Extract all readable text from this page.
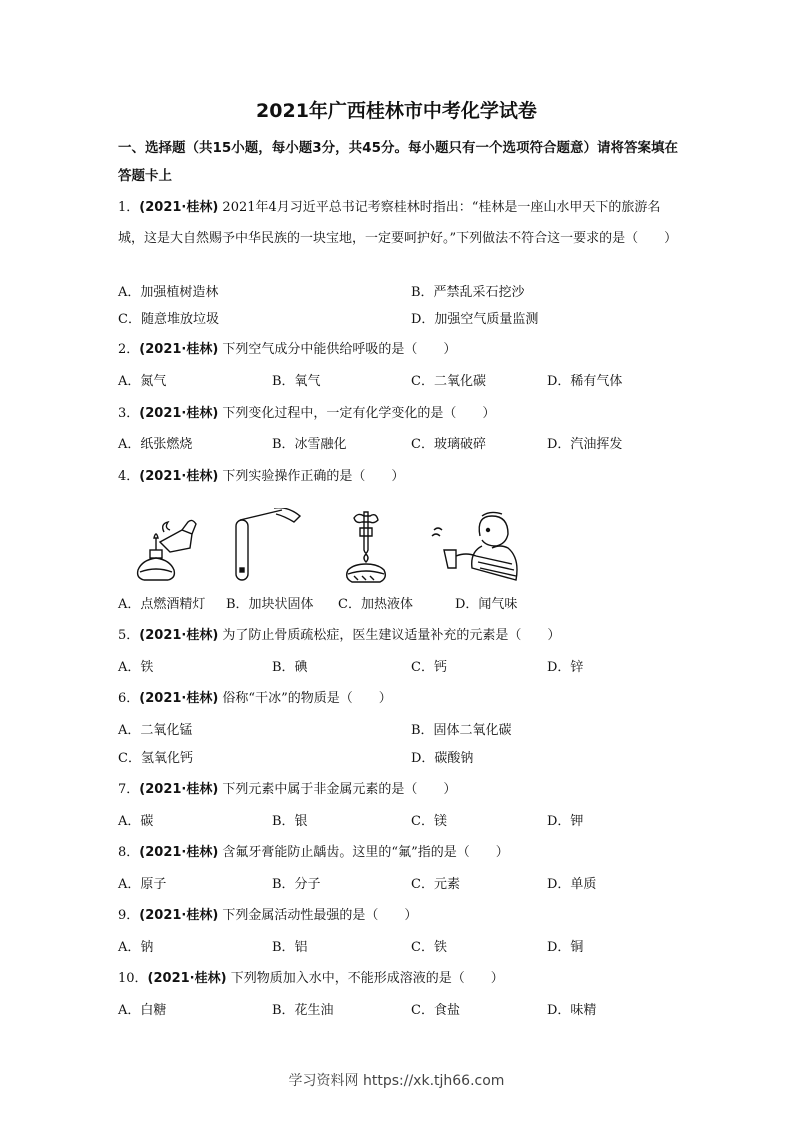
2021年广西桂林市中考化学试卷
一、选择题（共15小题，每小题3分，共45分。每小题只有一个选项符合题意）请将答案填在答题卡上
1．(2021·桂林) 2021年4月习近平总书记考察桂林时指出：“桂林是一座山水甲天下的旅游名城，这是大自然赐予中华民族的一块宝地，一定要呵护好。”下列做法不符合这一要求的是（　　）
A．加强植树造林	B．严禁乱采石挖沙
C．随意堆放垃圾	D．加强空气质量监测
2．(2021·桂林) 下列空气成分中能供给呼吸的是（　　）
A．氮气	B．氧气	C．二氧化碳	D．稀有气体
3．(2021·桂林) 下列变化过程中，一定有化学变化的是（　　）
A．纸张燃烧	B．冰雪融化	C．玻璃破碎	D．汽油挥发
4．(2021·桂林) 下列实验操作正确的是（　　）
A．点燃酒精灯 B．加块状固体 C．加热液体	D．闻气味
5．(2021·桂林) 为了防止骨质疏松症，医生建议适量补充的元素是（　　）
A．铁	B．碘	C．钙	D．锌
6．(2021·桂林) 俗称“干冰”的物质是（　　）
A．二氧化锰	B．固体二氧化碳
C．氢氧化钙	D．碳酸钠
7．(2021·桂林) 下列元素中属于非金属元素的是（　　）
A．碳	B．银	C．镁	D．钾
8．(2021·桂林) 含氟牙膏能防止龋齿。这里的“氟”指的是（　　）
A．原子	B．分子	C．元素	D．单质
9．(2021·桂林) 下列金属活动性最强的是（　　）
A．钠	B．铝	C．铁	D．铜
10．(2021·桂林) 下列物质加入水中，不能形成溶液的是（　　）
A．白糖	B．花生油	C．食盐	D．味精
学习资料网 https://xk.tjh66.com
